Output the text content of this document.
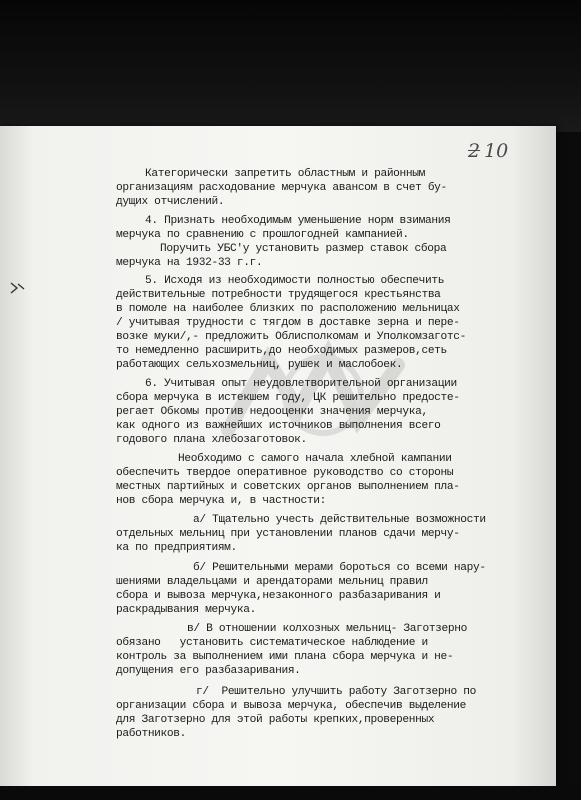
2 10

Категорически запретить областным и районным

организациям расходование мерчука авансом в счет бу-

дущих отчислений.

4. Признать необходимым уменьшение норм взимания

мерчука по сравнению с прошлогодней кампанией.

Поручить УБС'у установить размер ставок сбора

мерчука на 1932-33 г.г.

5. Исходя из необходимости полностью обеспечить

действительные потребности трудящегося крестьянства

в помоле на наиболее близких по расположению мельницах

/ учитывая трудности с тягдом в доставке зерна и пере-

возке муки/,- предложить Облисполкомам и Уполкомзаготс-

то немедленно расширить,до необходимых размеров,сеть

работающих сельхозмельниц, рушек и маслобоек.

6. Учитывая опыт неудовлетворительной организации

сбора мерчука в истекшем году, ЦК решительно предосте-

регает Обкомы против недооценки значения мерчука,

как одного из важнейших источников выполнения всего

годового плана хлебозаготовок.

Необходимо с самого начала хлебной кампании

обеспечить твердое оперативное руководство со стороны

местных партийных и советских органов выполнением пла-

нов сбора мерчука и, в частности:

а/ Тщательно учесть действительные возможности

отдельных мельниц при установлении планов сдачи мерчу-

ка по предприятиям.

б/ Решительными мерами бороться со всеми нару-

шениями владельцами и арендаторами мельниц правил

сбора и вывоза мерчука,незаконного разбазаривания и

раскрадывания мерчука.

в/ В отношении колхозных мельниц- Заготзерно

обязано   установить систематическое наблюдение и

контроль за выполнением ими плана сбора мерчука и не-

допущения его разбазаривания.

г/  Решительно улучшить работу Заготзерно по

организации сбора и вывоза мерчука, обеспечив выделение

для Заготзерно для этой работы крепких,проверенных

работников.
